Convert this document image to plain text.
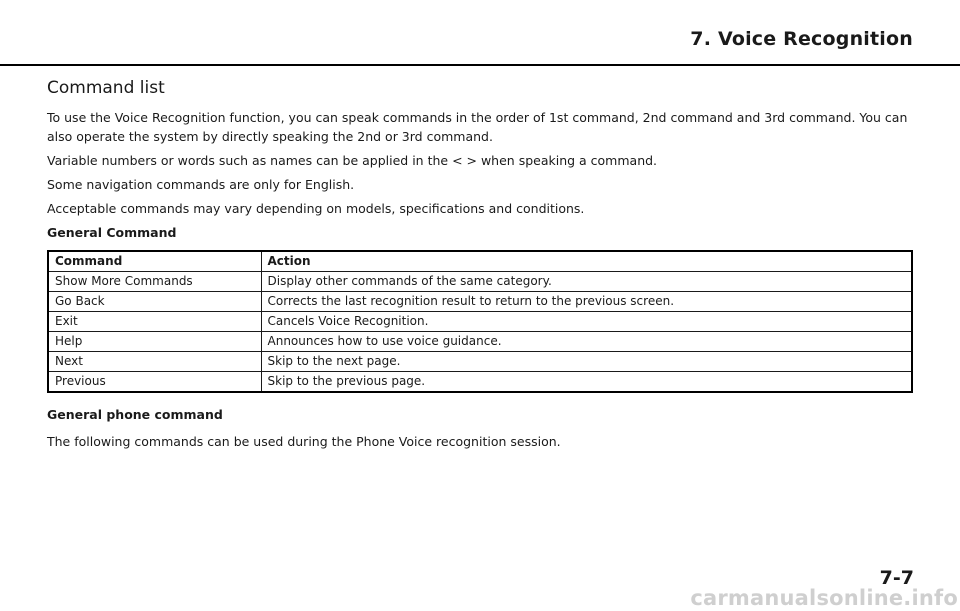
7. Voice Recognition
Command list

To use the Voice Recognition function, you can speak commands in the order of 1st command, 2nd command and 3rd command. You can also operate the system by directly speaking the 2nd or 3rd command.

Variable numbers or words such as names can be applied in the < > when speaking a command.

Some navigation commands are only for English.

Acceptable commands may vary depending on models, specifications and conditions.

General Command
Command	Action
Show More Commands	Display other commands of the same category.
Go Back	Corrects the last recognition result to return to the previous screen.
Exit	Cancels Voice Recognition.
Help	Announces how to use voice guidance.
Next	Skip to the next page.
Previous	Skip to the previous page.
General phone command

The following commands can be used during the Phone Voice recognition session.

7-7
carmanualsonline.info
